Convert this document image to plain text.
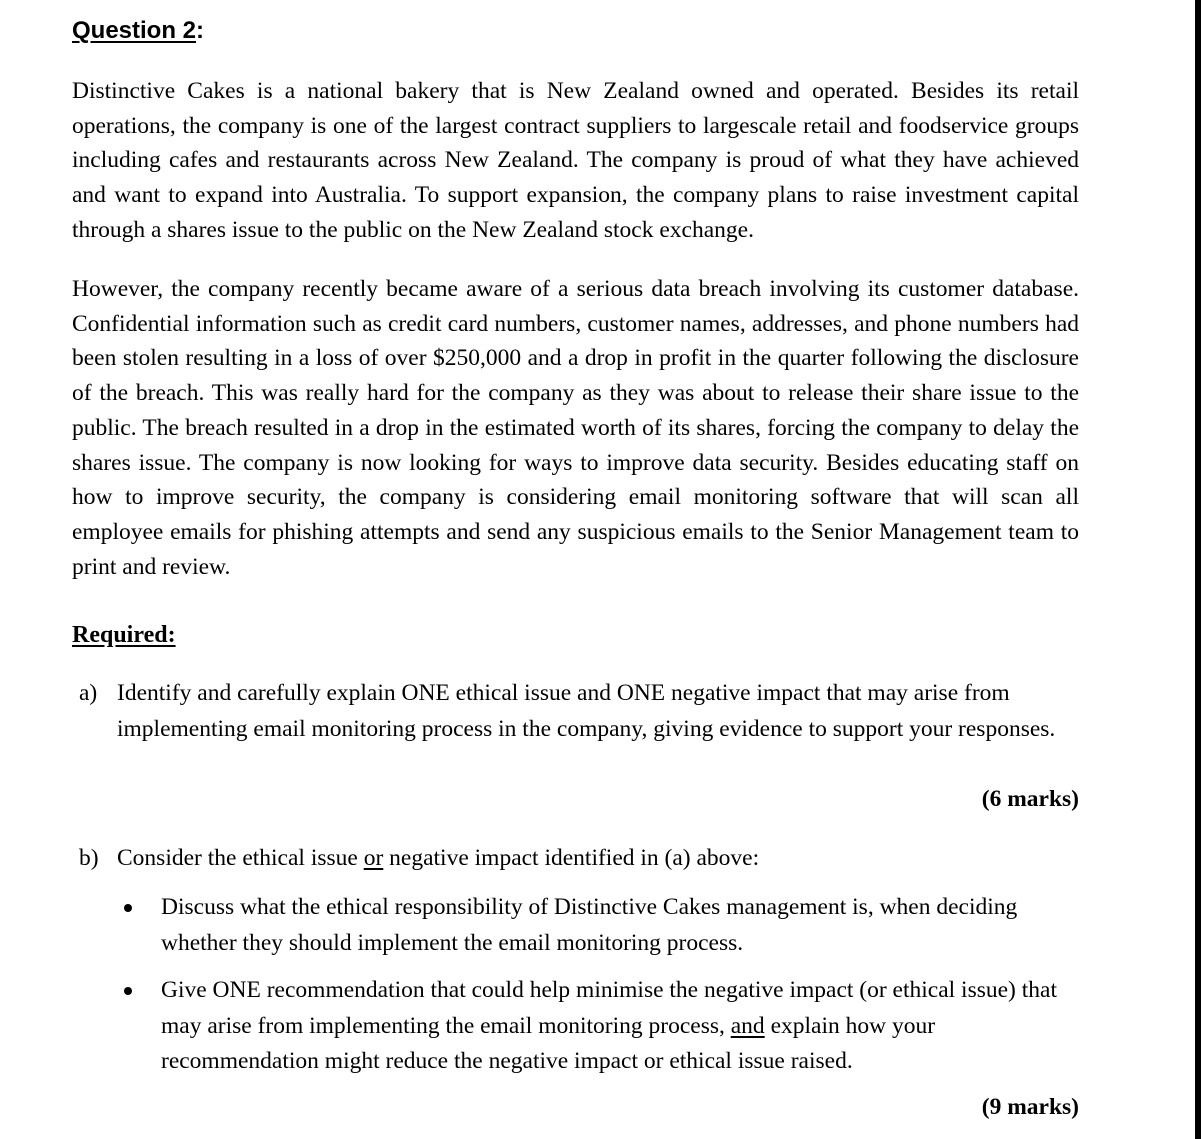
Question 2:

Distinctive Cakes is a national bakery that is New Zealand owned and operated. Besides its retail operations, the company is one of the largest contract suppliers to largescale retail and foodservice groups including cafes and restaurants across New Zealand. The company is proud of what they have achieved and want to expand into Australia. To support expansion, the company plans to raise investment capital through a shares issue to the public on the New Zealand stock exchange.

However, the company recently became aware of a serious data breach involving its customer database. Confidential information such as credit card numbers, customer names, addresses, and phone numbers had been stolen resulting in a loss of over $250,000 and a drop in profit in the quarter following the disclosure of the breach. This was really hard for the company as they was about to release their share issue to the public. The breach resulted in a drop in the estimated worth of its shares, forcing the company to delay the shares issue. The company is now looking for ways to improve data security. Besides educating staff on how to improve security, the company is considering email monitoring software that will scan all employee emails for phishing attempts and send any suspicious emails to the Senior Management team to print and review.

Required:
a) Identify and carefully explain ONE ethical issue and ONE negative impact that may arise from implementing email monitoring process in the company, giving evidence to support your responses.

(6 marks)
b) Consider the ethical issue or negative impact identified in (a) above:

Discuss what the ethical responsibility of Distinctive Cakes management is, when deciding whether they should implement the email monitoring process.

Give ONE recommendation that could help minimise the negative impact (or ethical issue) that may arise from implementing the email monitoring process, and explain how your recommendation might reduce the negative impact or ethical issue raised.

(9 marks)
